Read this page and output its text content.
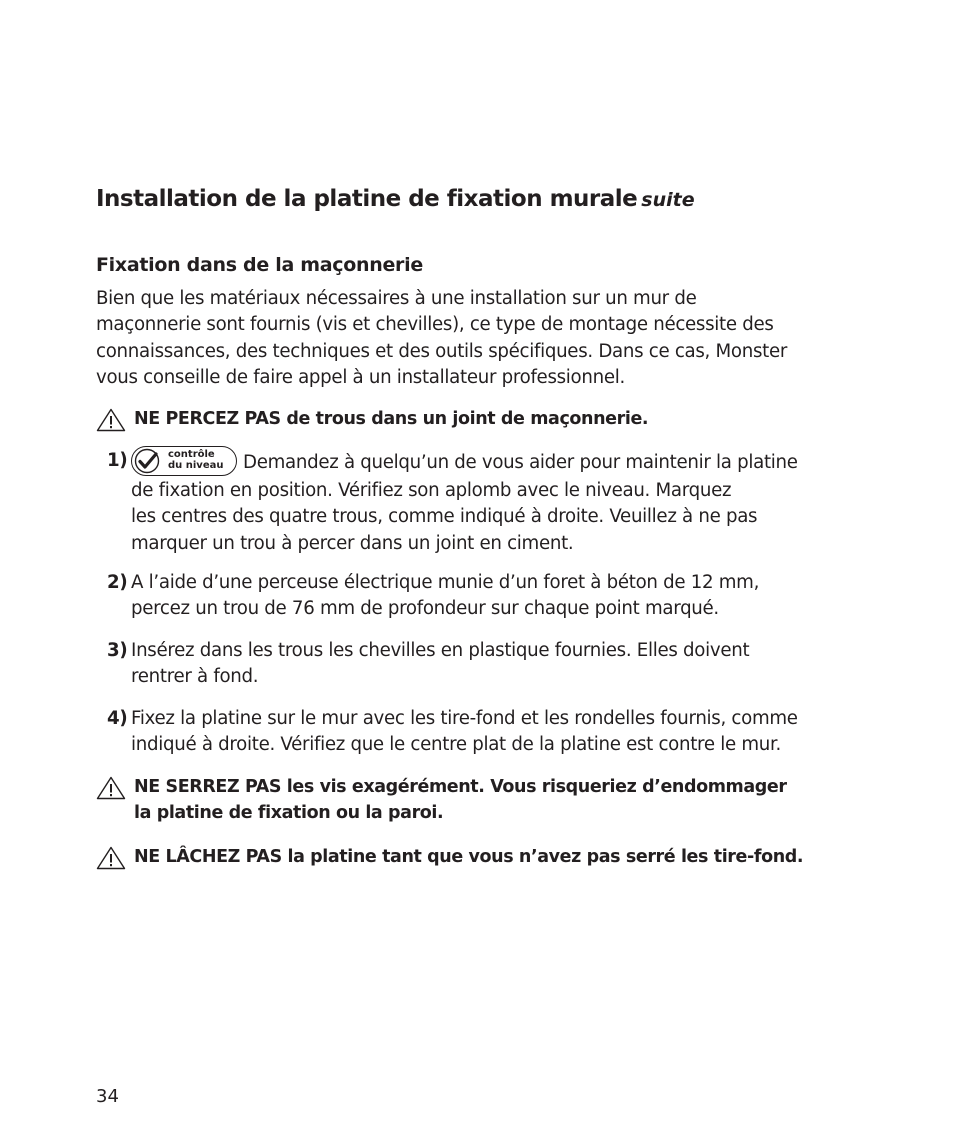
Installation de la platine de fixation murale suite
Fixation dans de la maçonnerie
Bien que les matériaux nécessaires à une installation sur un mur de
maçonnerie sont fournis (vis et chevilles), ce type de montage nécessite des
connaissances, des techniques et des outils spécifiques. Dans ce cas, Monster
vous conseille de faire appel à un installateur professionnel.
NE PERCEZ PAS de trous dans un joint de maçonnerie.
1)	contrôle
du niveau Demandez à quelqu’un de vous aider pour maintenir la platine
de fixation en position. Vérifiez son aplomb avec le niveau. Marquez
les centres des quatre trous, comme indiqué à droite. Veuillez à ne pas
marquer un trou à percer dans un joint en ciment.
2) A l’aide d’une perceuse électrique munie d’un foret à béton de 12 mm,
percez un trou de 76 mm de profondeur sur chaque point marqué.
3) Insérez dans les trous les chevilles en plastique fournies. Elles doivent
rentrer à fond.
4) Fixez la platine sur le mur avec les tire-fond et les rondelles fournis, comme
indiqué à droite. Vérifiez que le centre plat de la platine est contre le mur.
NE SERREZ PAS les vis exagérément. Vous risqueriez d’endommager
la platine de fixation ou la paroi.
NE LÂCHEZ PAS la platine tant que vous n’avez pas serré les tire-fond.
34
